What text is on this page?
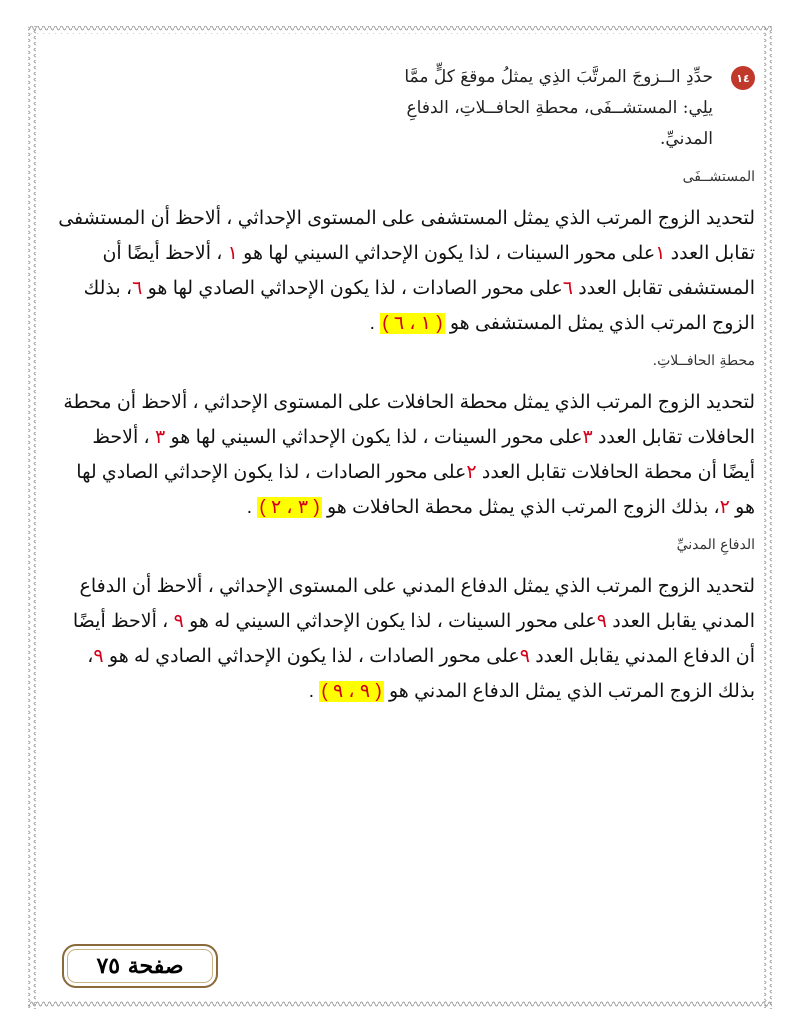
١٤
حدِّدِ الــزوجَ المرتَّبَ الذِي يمثلُ موقعَ كلٍّ ممَّا
يلِي: المستشــفَى، محطةِ الحافــلاتِ، الدفاعِ
المدنيِّ.
المستشــفَى
لتحديد الزوج المرتب الذي يمثل المستشفى على المستوى الإحداثي ، ألاحظ أن المستشفى تقابل العدد ١على محور السينات ، لذا يكون الإحداثي السيني لها هو ١ ، ألاحظ أيضًا أن المستشفى تقابل العدد ٦على محور الصادات ، لذا يكون الإحداثي الصادي لها هو ٦، بذلك الزوج المرتب الذي يمثل المستشفى هو ( ١ ، ٦ ) .
محطةِ الحافــلاتِ.
لتحديد الزوج المرتب الذي يمثل محطة الحافلات على المستوى الإحداثي ، ألاحظ أن محطة الحافلات تقابل العدد ٣على محور السينات ، لذا يكون الإحداثي السيني لها هو ٣ ، ألاحظ أيضًا أن محطة الحافلات تقابل العدد ٢على محور الصادات ، لذا يكون الإحداثي الصادي لها هو ٢، بذلك الزوج المرتب الذي يمثل محطة الحافلات هو ( ٣ ، ٢ ) .
الدفاعِ المدنيِّ
لتحديد الزوج المرتب الذي يمثل الدفاع المدني على المستوى الإحداثي ، ألاحظ أن الدفاع المدني يقابل العدد ٩على محور السينات ، لذا يكون الإحداثي السيني له هو ٩ ، ألاحظ أيضًا أن الدفاع المدني يقابل العدد ٩على محور الصادات ، لذا يكون الإحداثي الصادي له هو ٩، بذلك الزوج المرتب الذي يمثل الدفاع المدني هو ( ٩ ، ٩ ) .
صفحة ٧٥
